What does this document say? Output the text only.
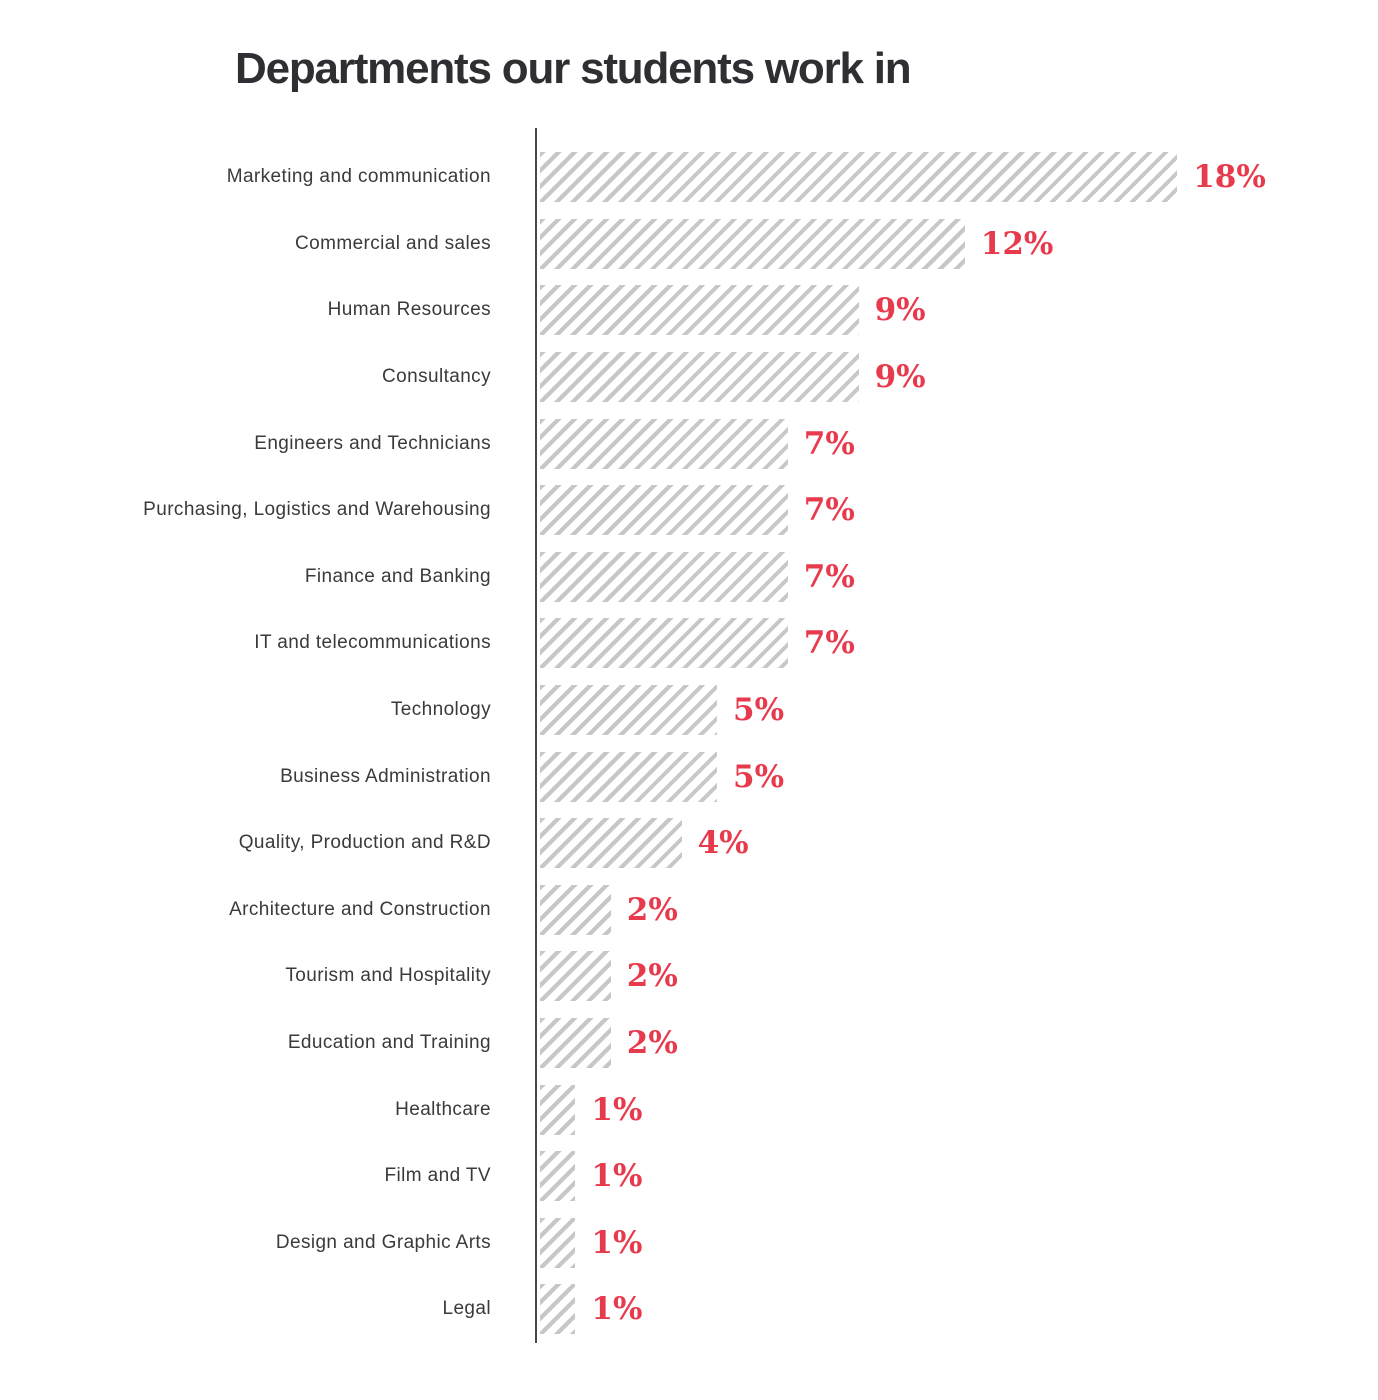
Departments our students work in
Marketing and communication	18%
Commercial and sales	12%
Human Resources	9%
Consultancy	9%
Engineers and Technicians	7%
Purchasing, Logistics and Warehousing	7%
Finance and Banking	7%
IT and telecommunications	7%
Technology	5%
Business Administration	5%
Quality, Production and R&D	4%
Architecture and Construction	2%
Tourism and Hospitality	2%
Education and Training	2%
Healthcare	1%
Film and TV	1%
Design and Graphic Arts	1%
Legal	1%
